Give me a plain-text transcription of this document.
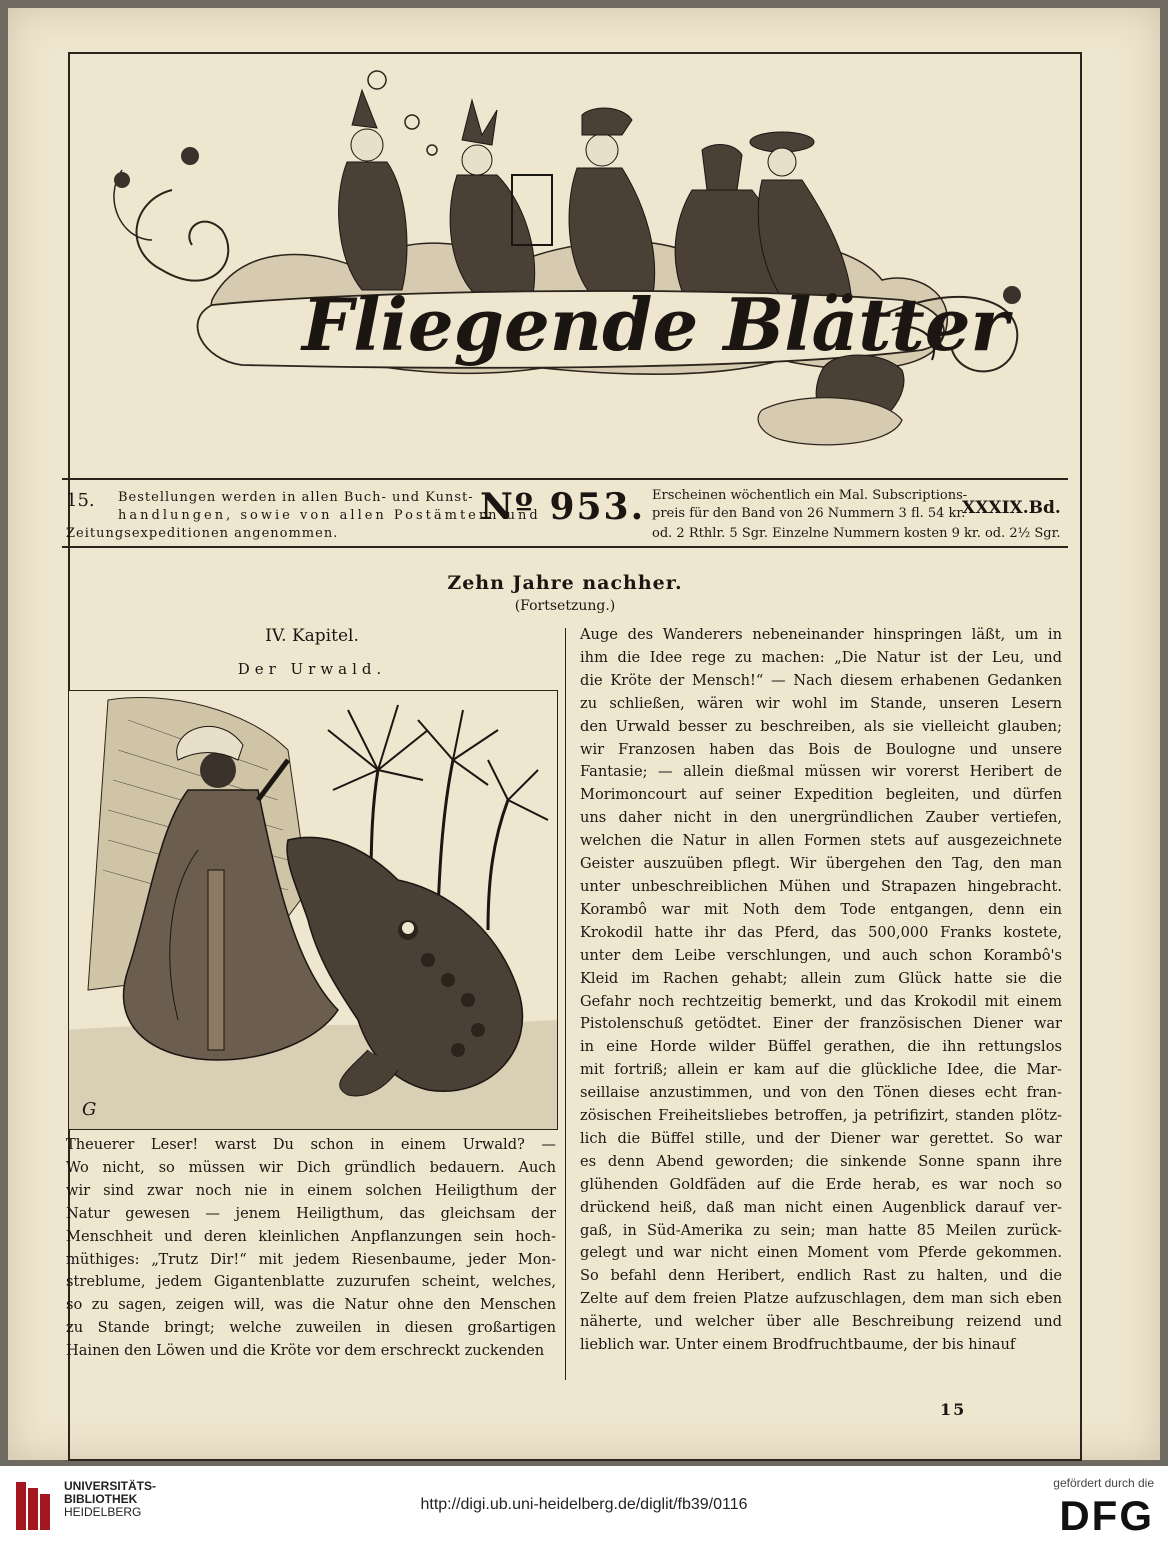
Fliegende Blätter
15. Bestellungen werden in allen Buch- und Kunst-
handlungen, sowie von allen Postämtern und
Zeitungsexpeditionen angenommen.
Nº 953. Erscheinen wöchentlich ein Mal. Subscriptions-
preis für den Band von 26 Nummern 3 fl. 54 kr.
od. 2 Rthlr. 5 Sgr. Einzelne Nummern kosten 9 kr. od. 2½ Sgr.
XXXIX.Bd.
Zehn Jahre nachher.
(Fortsetzung.)
IV. Kapitel.
Der Urwald.
G
Theuerer Leser! warst Du schon in einem Urwald? —
Wo nicht, so müssen wir Dich gründlich bedauern. Auch
wir sind zwar noch nie in einem solchen Heiligthum der
Natur gewesen — jenem Heiligthum, das gleichsam der
Menschheit und deren kleinlichen Anpflanzungen sein hoch-
müthiges: „Trutz Dir!“ mit jedem Riesenbaume, jeder Mon-
streblume, jedem Gigantenblatte zuzurufen scheint, welches,
so zu sagen, zeigen will, was die Natur ohne den Menschen
zu Stande bringt; welche zuweilen in diesen großartigen
Hainen den Löwen und die Kröte vor dem erschreckt zuckenden
Auge des Wanderers nebeneinander hinspringen läßt, um in
ihm die Idee rege zu machen: „Die Natur ist der Leu, und
die Kröte der Mensch!“ — Nach diesem erhabenen Gedanken
zu schließen, wären wir wohl im Stande, unseren Lesern
den Urwald besser zu beschreiben, als sie vielleicht glauben;
wir Franzosen haben das Bois de Boulogne und unsere
Fantasie; — allein dießmal müssen wir vorerst Heribert de
Morimoncourt auf seiner Expedition begleiten, und dürfen
uns daher nicht in den unergründlichen Zauber vertiefen,
welchen die Natur in allen Formen stets auf ausgezeichnete
Geister auszuüben pflegt. Wir übergehen den Tag, den man
unter unbeschreiblichen Mühen und Strapazen hingebracht.
Korambô war mit Noth dem Tode entgangen, denn ein
Krokodil hatte ihr das Pferd, das 500,000 Franks kostete,
unter dem Leibe verschlungen, und auch schon Korambô's
Kleid im Rachen gehabt; allein zum Glück hatte sie die
Gefahr noch rechtzeitig bemerkt, und das Krokodil mit einem
Pistolenschuß getödtet. Einer der französischen Diener war
in eine Horde wilder Büffel gerathen, die ihn rettungslos
mit fortriß; allein er kam auf die glückliche Idee, die Mar-
seillaise anzustimmen, und von den Tönen dieses echt fran-
zösischen Freiheitsliebes betroffen, ja petrifizirt, standen plötz-
lich die Büffel stille, und der Diener war gerettet. So war
es denn Abend geworden; die sinkende Sonne spann ihre
glühenden Goldfäden auf die Erde herab, es war noch so
drückend heiß, daß man nicht einen Augenblick darauf ver-
gaß, in Süd-Amerika zu sein; man hatte 85 Meilen zurück-
gelegt und war nicht einen Moment vom Pferde gekommen.
So befahl denn Heribert, endlich Rast zu halten, und die
Zelte auf dem freien Platze aufzuschlagen, dem man sich eben
näherte, und welcher über alle Beschreibung reizend und
lieblich war. Unter einem Brodfruchtbaume, der bis hinauf
15
UNIVERSITÄTS-
BIBLIOTHEK
HEIDELBERG	http://digi.ub.uni-heidelberg.de/diglit/fb39/0116
gefördert durch die
DFG
